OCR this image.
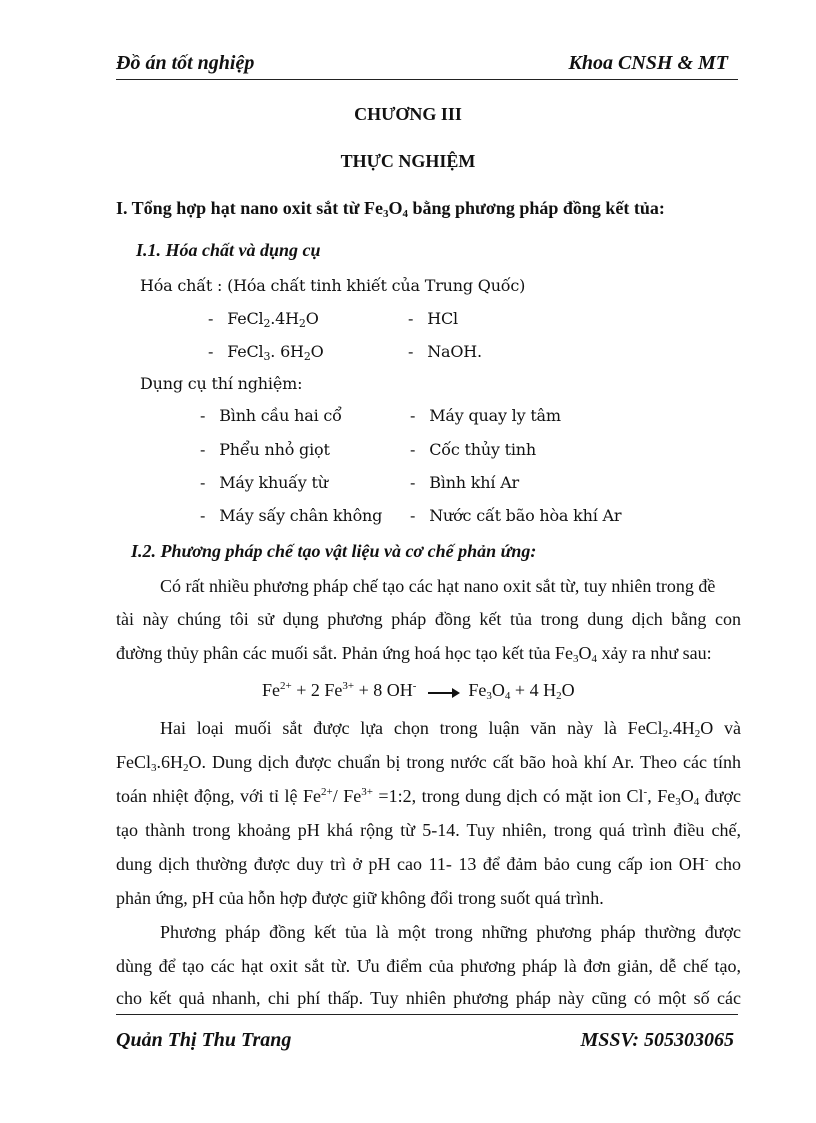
Đồ án tốt nghiệp	Khoa CNSH & MT
CHƯƠNG III
THỰC NGHIỆM
I. Tổng hợp hạt nano oxit sắt từ $Fe_3O_4$ bằng phương pháp đồng kết tủa:
I.1. Hóa chất và dụng cụ
Hóa chất : (Hóa chất tinh khiết của Trung Quốc)
- $FeCl_2.4H_2O$	- HCl
- FeCl$_3$. $6H_2O$	- NaOH.
Dụng cụ thí nghiệm:
- Bình cầu hai cổ	- Máy quay ly tâm
- Phểu nhỏ giọt	- Cốc thủy tinh
- Máy khuấy từ	- Bình khí Ar
- Máy sấy chân không - Nước cất bão hòa khí Ar
I.2. Phương pháp chế tạo vật liệu và cơ chế phản ứng:
Có rất nhiều phương pháp chế tạo các hạt nano oxit sắt từ, tuy nhiên trong đề
tài này chúng tôi sử dụng phương pháp đồng kết tủa trong dung dịch bằng con
đường thủy phân các muối sắt. Phản ứng hoá học tạo kết tủa $Fe_3O_4$ xảy ra như sau:
$Fe^{2+} + 2$ $Fe^{3+} + 8$ $OH^- \to Fe_3O_4 + 4$ $H_2O$
Hai loại muối sắt được lựa chọn trong luận văn này là $FeCl_2.4H_2O$ và
$FeCl_3.6H_2O$. Dung dịch được chuẩn bị trong nước cất bão hoà khí Ar. Theo các tính
toán nhiệt động, với tỉ lệ $Fe^{2+}/$ $Fe^{3+}$ =1:2, trong dung dịch có mặt ion Cl-, $Fe_3O_4$ được
tạo thành trong khoảng pH khá rộng từ 5-14. Tuy nhiên, trong quá trình điều chế,
dung dịch thường được duy trì ở pH cao 11- 13 để đảm bảo cung cấp ion OH- cho
phản ứng, pH của hỗn hợp được giữ không đổi trong suốt quá trình.
Phương pháp đồng kết tủa là một trong những phương pháp thường được
dùng để tạo các hạt oxit sắt từ. Ưu điểm của phương pháp là đơn giản, dễ chế tạo,
cho kết quả nhanh, chi phí thấp. Tuy nhiên phương pháp này cũng có một số các
Quản Thị Thu Trang	MSSV: 505303065
